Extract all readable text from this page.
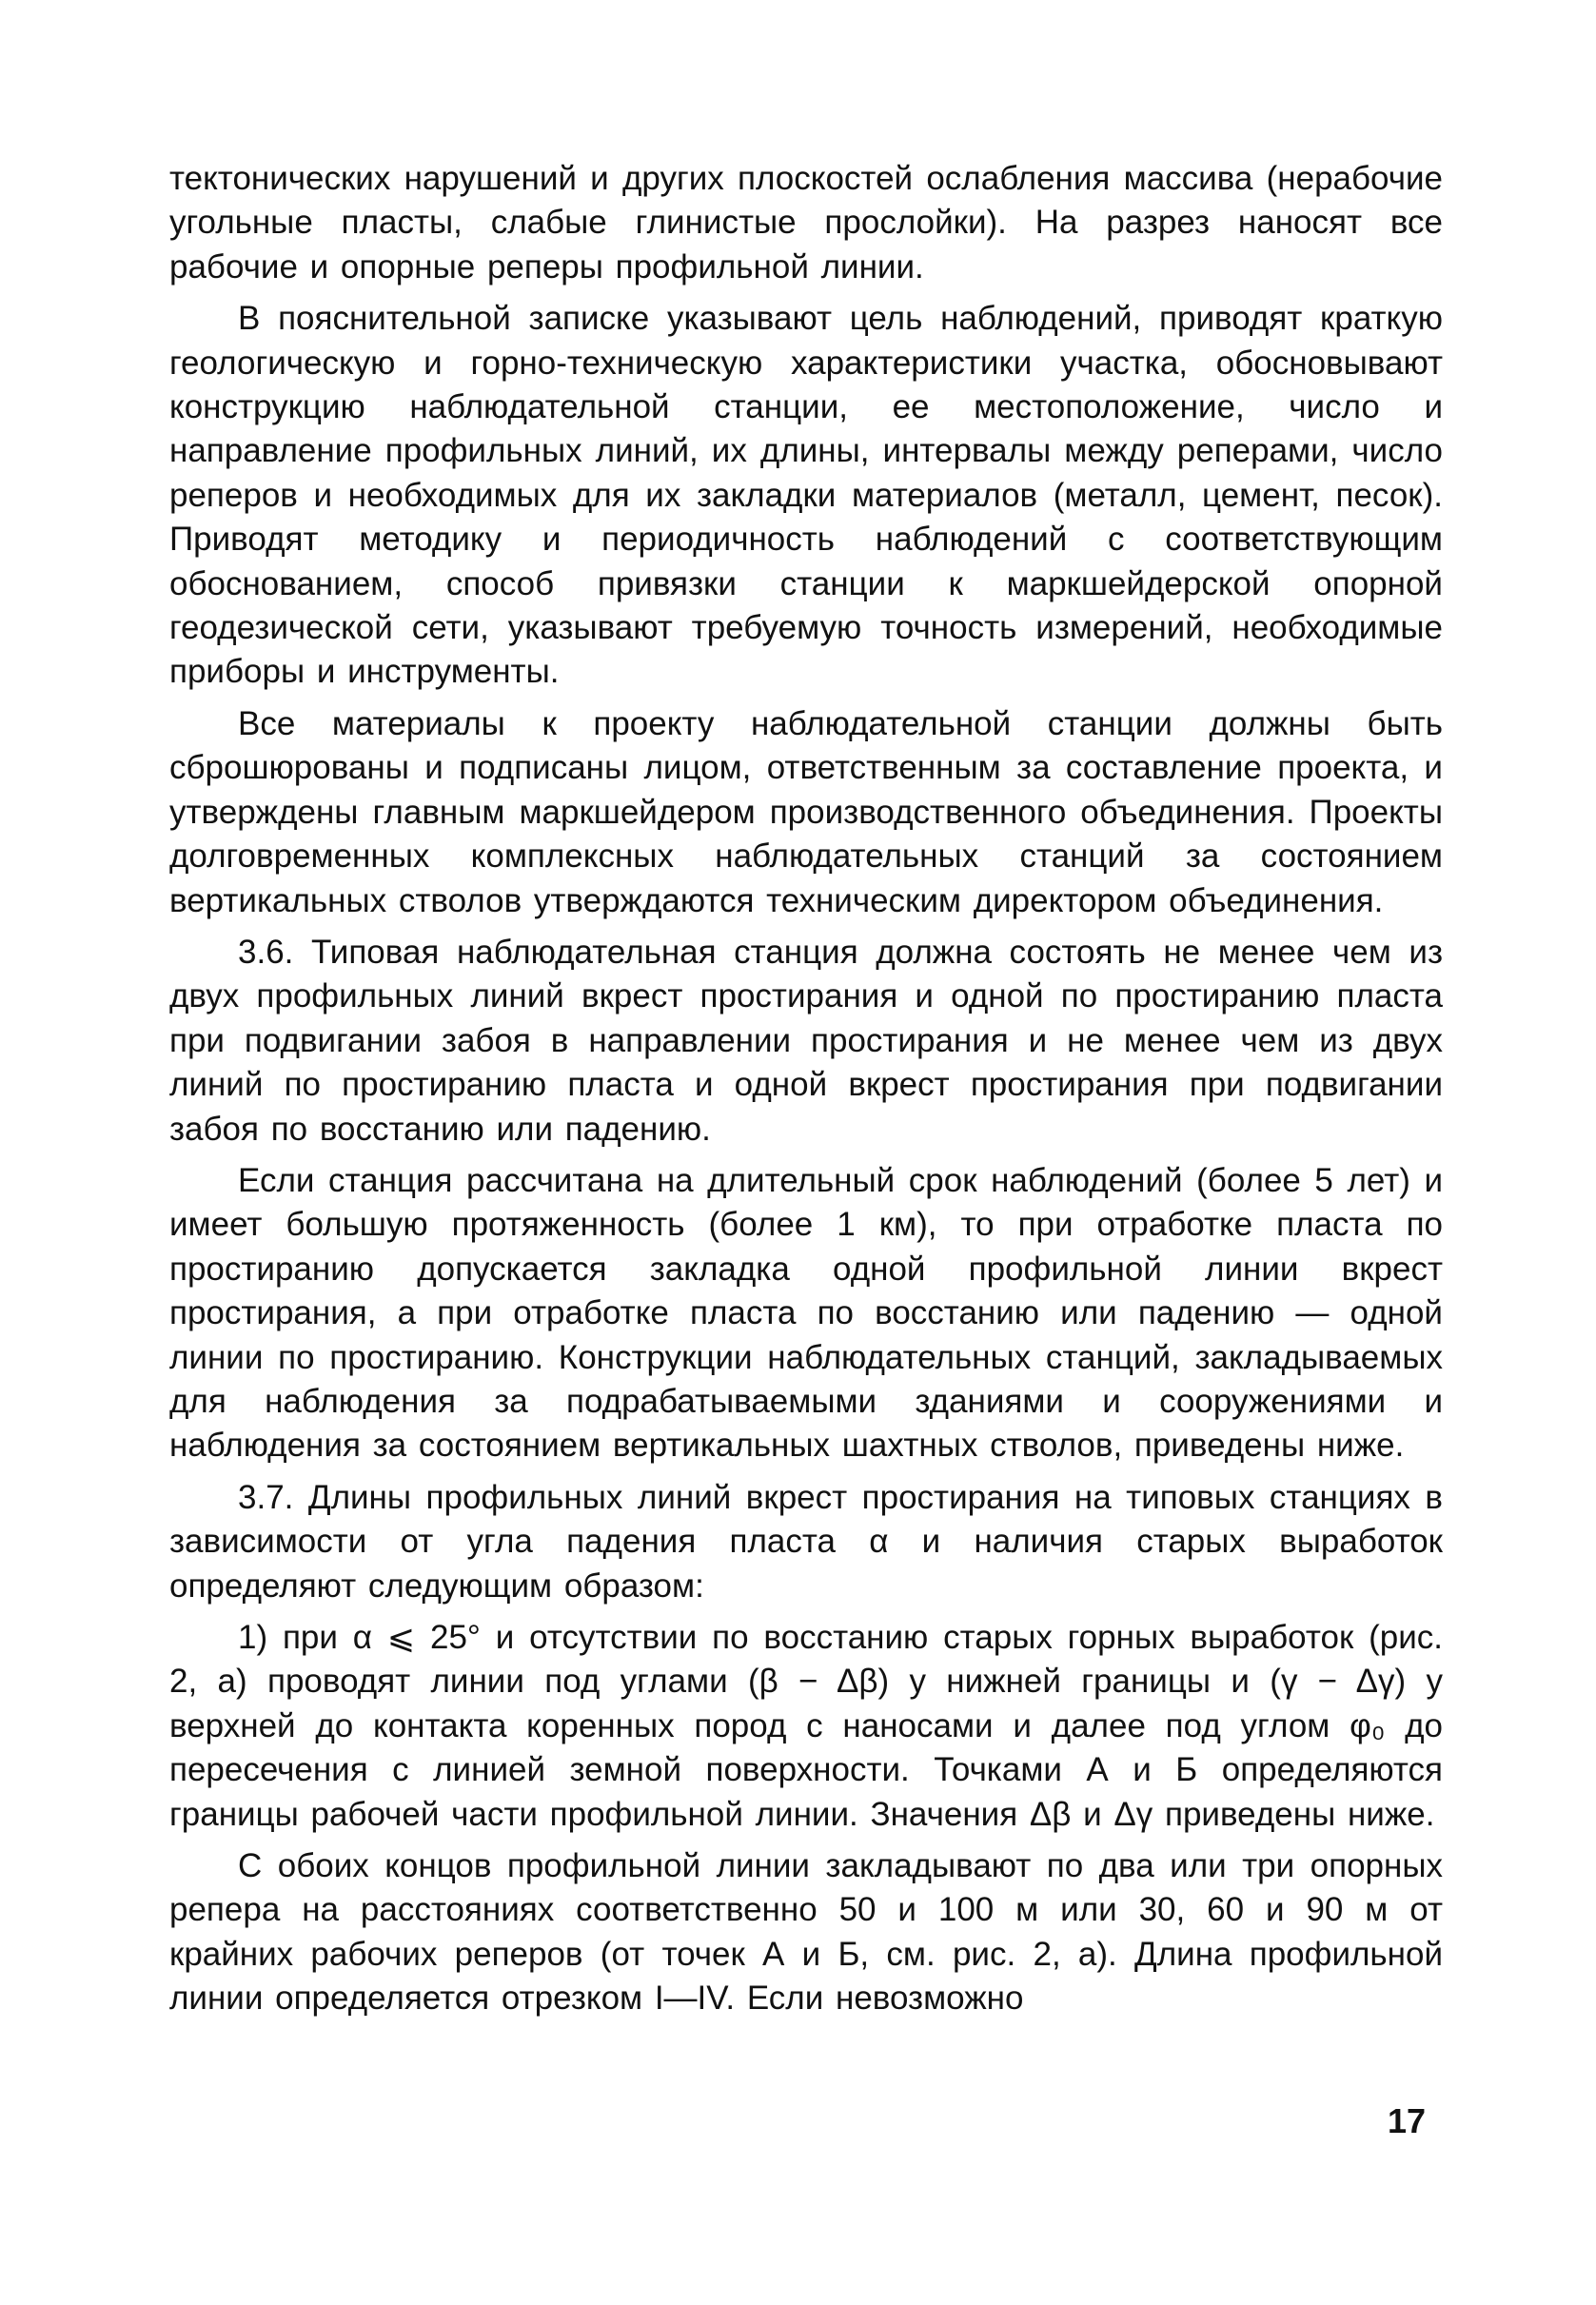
тектонических нарушений и других плоскостей ослабления массива (нерабочие угольные пласты, слабые глинистые прослойки). На разрез наносят все рабочие и опорные реперы профильной линии.

В пояснительной записке указывают цель наблюдений, приводят краткую геологическую и горно-техническую характеристики участка, обосновывают конструкцию наблюдательной станции, ее местоположение, число и направление профильных линий, их длины, интервалы между реперами, число реперов и необходимых для их закладки материалов (металл, цемент, песок). Приводят методику и периодичность наблюдений с соответствующим обоснованием, способ привязки станции к маркшейдерской опорной геодезической сети, указывают требуемую точность измерений, необходимые приборы и инструменты.

Все материалы к проекту наблюдательной станции должны быть сброшюрованы и подписаны лицом, ответственным за составление проекта, и утверждены главным маркшейдером производственного объединения. Проекты долговременных комплексных наблюдательных станций за состоянием вертикальных стволов утверждаются техническим директором объединения.

3.6. Типовая наблюдательная станция должна состоять не менее чем из двух профильных линий вкрест простирания и одной по простиранию пласта при подвигании забоя в направлении простирания и не менее чем из двух линий по простиранию пласта и одной вкрест простирания при подвигании забоя по восстанию или падению.

Если станция рассчитана на длительный срок наблюдений (более 5 лет) и имеет большую протяженность (более 1 км), то при отработке пласта по простиранию допускается закладка одной профильной линии вкрест простирания, а при отработке пласта по восстанию или падению — одной линии по простиранию. Конструкции наблюдательных станций, закладываемых для наблюдения за подрабатываемыми зданиями и сооружениями и наблюдения за состоянием вертикальных шахтных стволов, приведены ниже.

3.7. Длины профильных линий вкрест простирания на типовых станциях в зависимости от угла падения пласта α и наличия старых выработок определяют следующим образом:

1) при α ⩽ 25° и отсутствии по восстанию старых горных выработок (рис. 2, а) проводят линии под углами (β − Δβ) у нижней границы и (γ − Δγ) у верхней до контакта коренных пород с наносами и далее под углом φ₀ до пересечения с линией земной поверхности. Точками А и Б определяются границы рабочей части профильной линии. Значения Δβ и Δγ приведены ниже.

С обоих концов профильной линии закладывают по два или три опорных репера на расстояниях соответственно 50 и 100 м или 30, 60 и 90 м от крайних рабочих реперов (от точек А и Б, см. рис. 2, а). Длина профильной линии определяется отрезком I—IV. Если невозможно

17
